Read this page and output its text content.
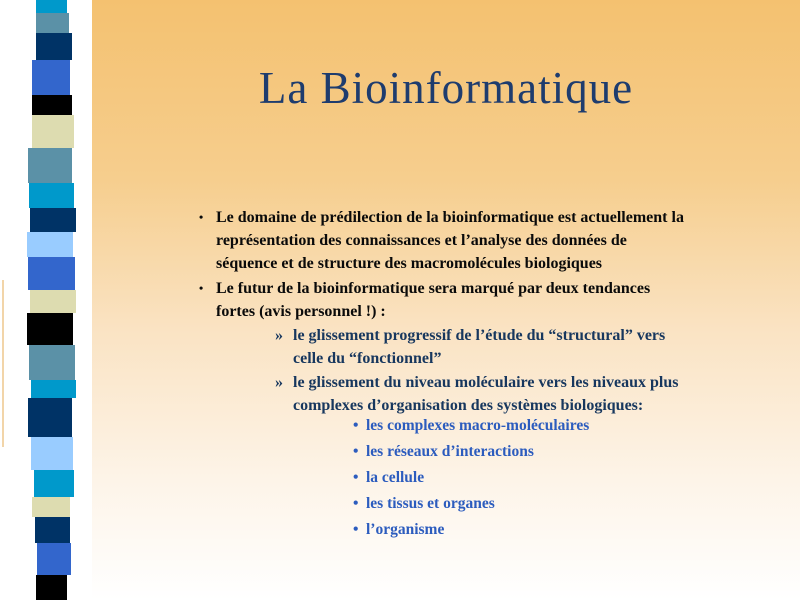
La Bioinformatique
• Le domaine de prédilection de la bioinformatique est actuellement la
représentation des connaissances et l’analyse des données de
séquence et de structure des macromolécules biologiques
• Le futur de la bioinformatique sera marqué par deux tendances
fortes (avis personnel !) :
» le glissement progressif de l’étude du “structural” vers
celle du “fonctionnel”
» le glissement du niveau moléculaire vers les niveaux plus
complexes d’organisation des systèmes biologiques:
• les complexes macro-moléculaires
• les réseaux d’interactions
• la cellule
• les tissus et organes
• l’organisme
